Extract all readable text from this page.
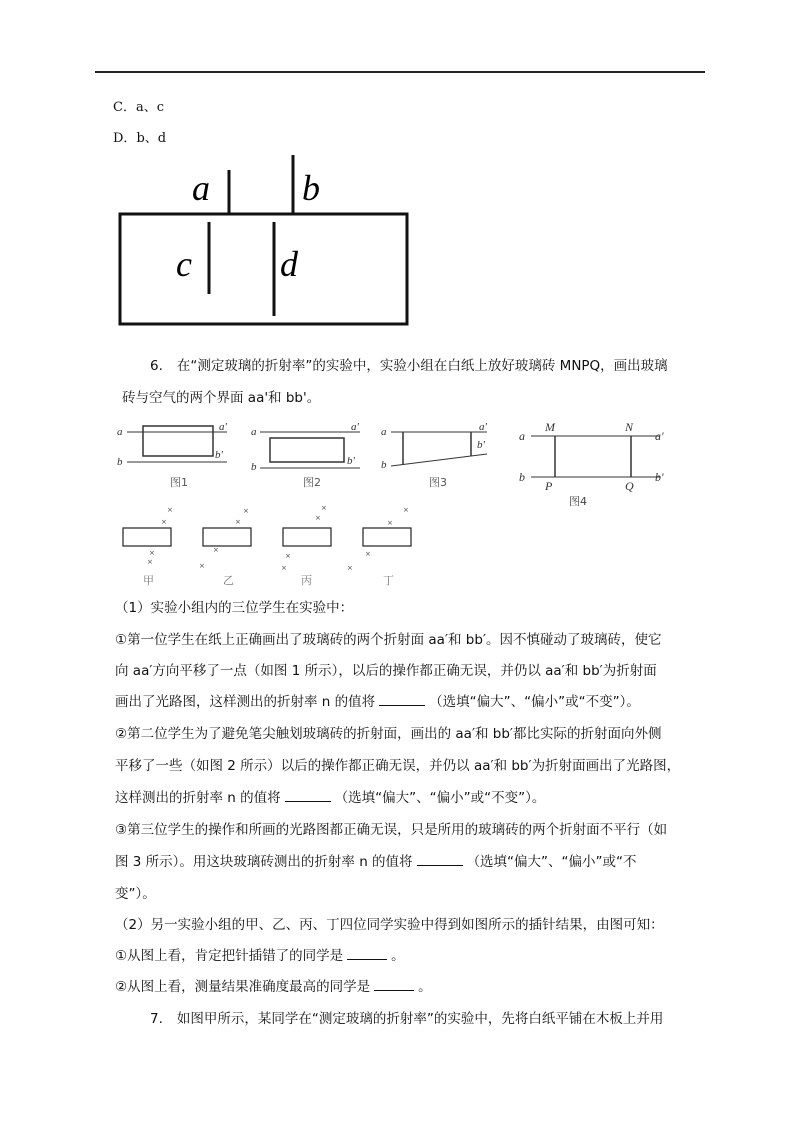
C．a、c
D．b、d
a	b
c d
6. 在“测定玻璃的折射率”的实验中，实验小组在白纸上放好玻璃砖 MNPQ，画出玻璃
砖与空气的两个界面 aa'和 bb'。
a	a'
b
b'
a	a'
b	b'
a	a'
b
b'
图1	图2	图3
a	a'
b	b'
M	N
P	Q
图4
×
×
×
×
×
×
×
×
×
×
×
×
×
×
×
×
甲	乙	丙	丁
（1）实验小组内的三位学生在实验中：
①第一位学生在纸上正确画出了玻璃砖的两个折射面 aa′和 bb′。因不慎碰动了玻璃砖，使它
向 aa′方向平移了一点（如图 1 所示），以后的操作都正确无误，并仍以 aa′和 bb′为折射面
画出了光路图，这样测出的折射率 n 的值将	（选填“偏大”、“偏小”或“不变”）。
②第二位学生为了避免笔尖触划玻璃砖的折射面，画出的 aa′和 bb′都比实际的折射面向外侧
平移了一些（如图 2 所示）以后的操作都正确无误，并仍以 aa′和 bb′为折射面画出了光路图，
这样测出的折射率 n 的值将	（选填“偏大”、“偏小”或“不变”）。
③第三位学生的操作和所画的光路图都正确无误，只是所用的玻璃砖的两个折射面不平行（如
图 3 所示）。用这块玻璃砖测出的折射率 n 的值将	（选填“偏大”、“偏小”或“不
变”）。
（2）另一实验小组的甲、乙、丙、丁四位同学实验中得到如图所示的插针结果，由图可知：
①从图上看，肯定把针插错了的同学是	。
②从图上看，测量结果准确度最高的同学是	。
7. 如图甲所示，某同学在“测定玻璃的折射率”的实验中，先将白纸平铺在木板上并用
